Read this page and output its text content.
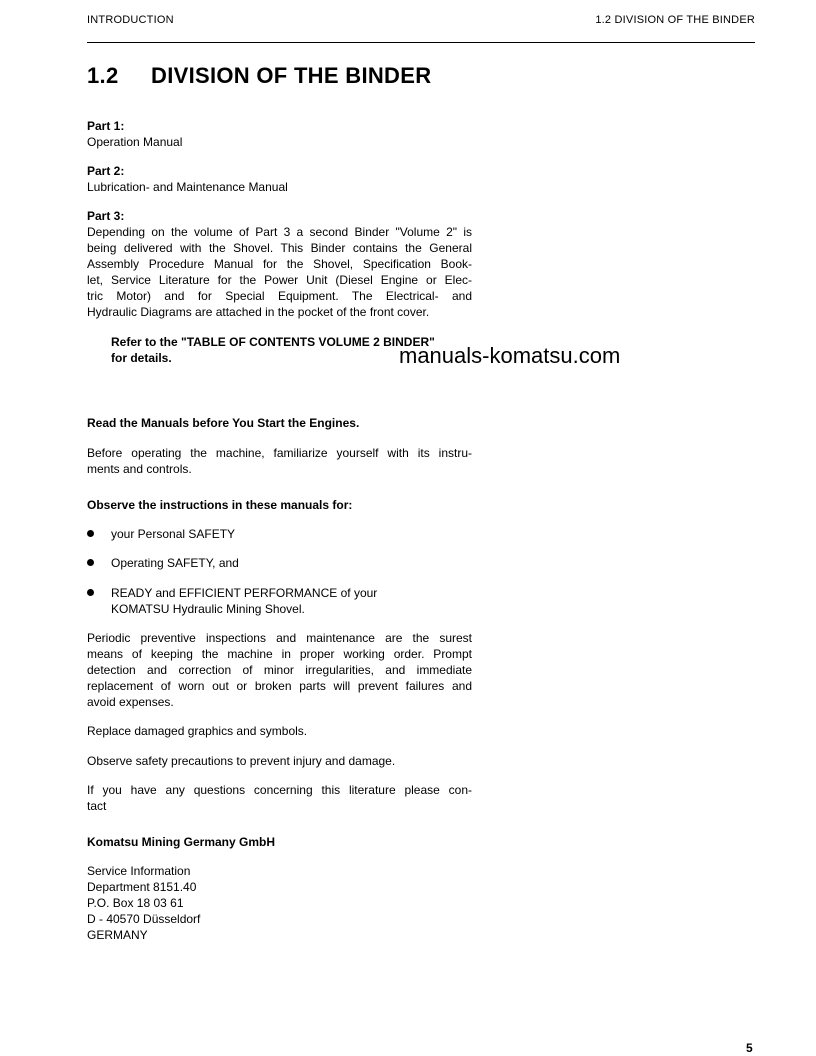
INTRODUCTION	1.2 DIVISION OF THE BINDER
1.2 DIVISION OF THE BINDER
Part 1:
Operation Manual
Part 2:
Lubrication- and Maintenance Manual
Part 3:
Depending on the volume of Part 3 a second Binder "Volume 2" is
being delivered with the Shovel. This Binder contains the General
Assembly Procedure Manual for the Shovel, Specification Book-
let, Service Literature for the Power Unit (Diesel Engine or Elec-
tric Motor) and for Special Equipment. The Electrical- and
Hydraulic Diagrams are attached in the pocket of the front cover.
Refer to the "TABLE OF CONTENTS VOLUME 2 BINDER"
for details.	manuals-komatsu.com
Read the Manuals before You Start the Engines.
Before operating the machine, familiarize yourself with its instru-
ments and controls.
Observe the instructions in these manuals for:
your Personal SAFETY
Operating SAFETY, and
READY and EFFICIENT PERFORMANCE of your
KOMATSU Hydraulic Mining Shovel.
Periodic preventive inspections and maintenance are the surest
means of keeping the machine in proper working order. Prompt
detection and correction of minor irregularities, and immediate
replacement of worn out or broken parts will prevent failures and
avoid expenses.
Replace damaged graphics and symbols.
Observe safety precautions to prevent injury and damage.
If you have any questions concerning this literature please con-
tact
Komatsu Mining Germany GmbH
Service Information
Department 8151.40
P.O. Box 18 03 61
D - 40570 Düsseldorf
GERMANY
5
